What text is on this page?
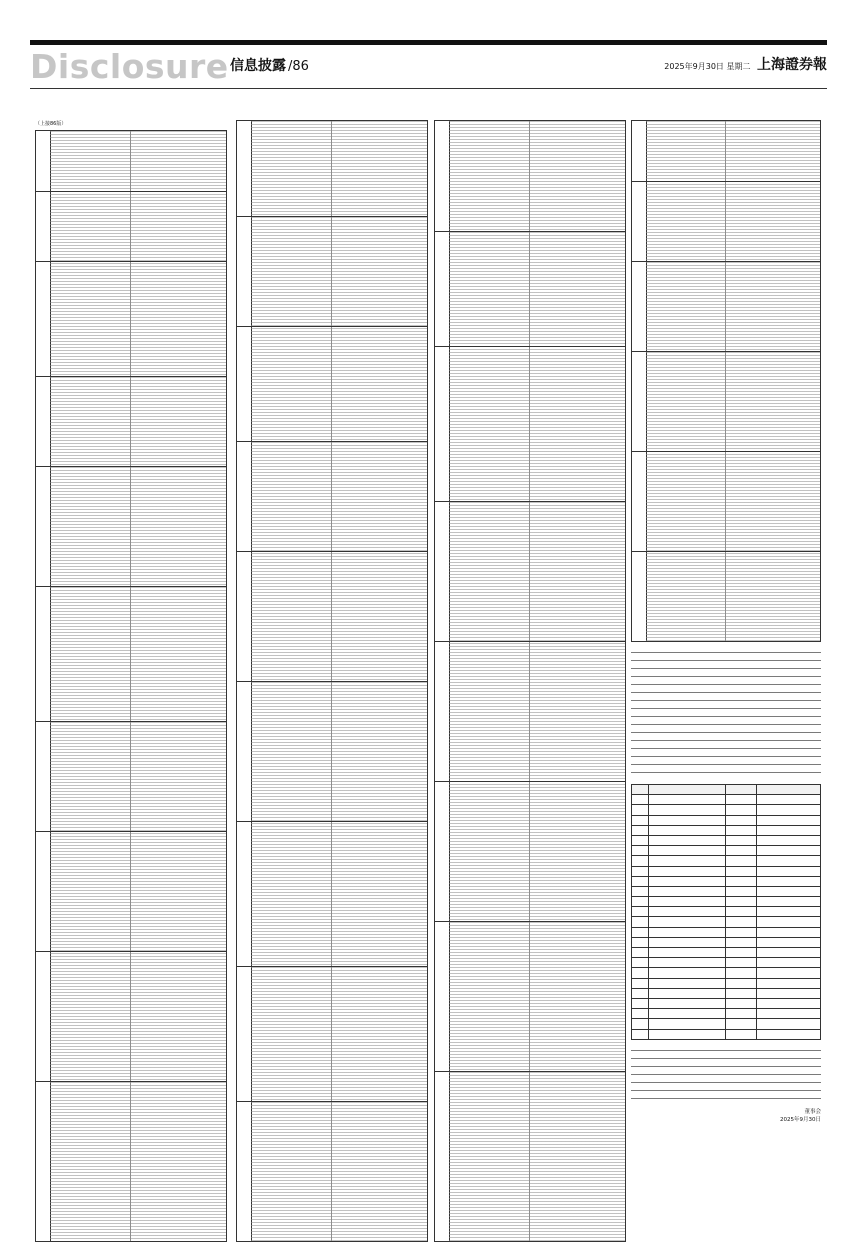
Disclosure 信息披露 /86	2025年9月30日 星期二 上海證券報
（上接86版）
董事会
2025年9月30日
